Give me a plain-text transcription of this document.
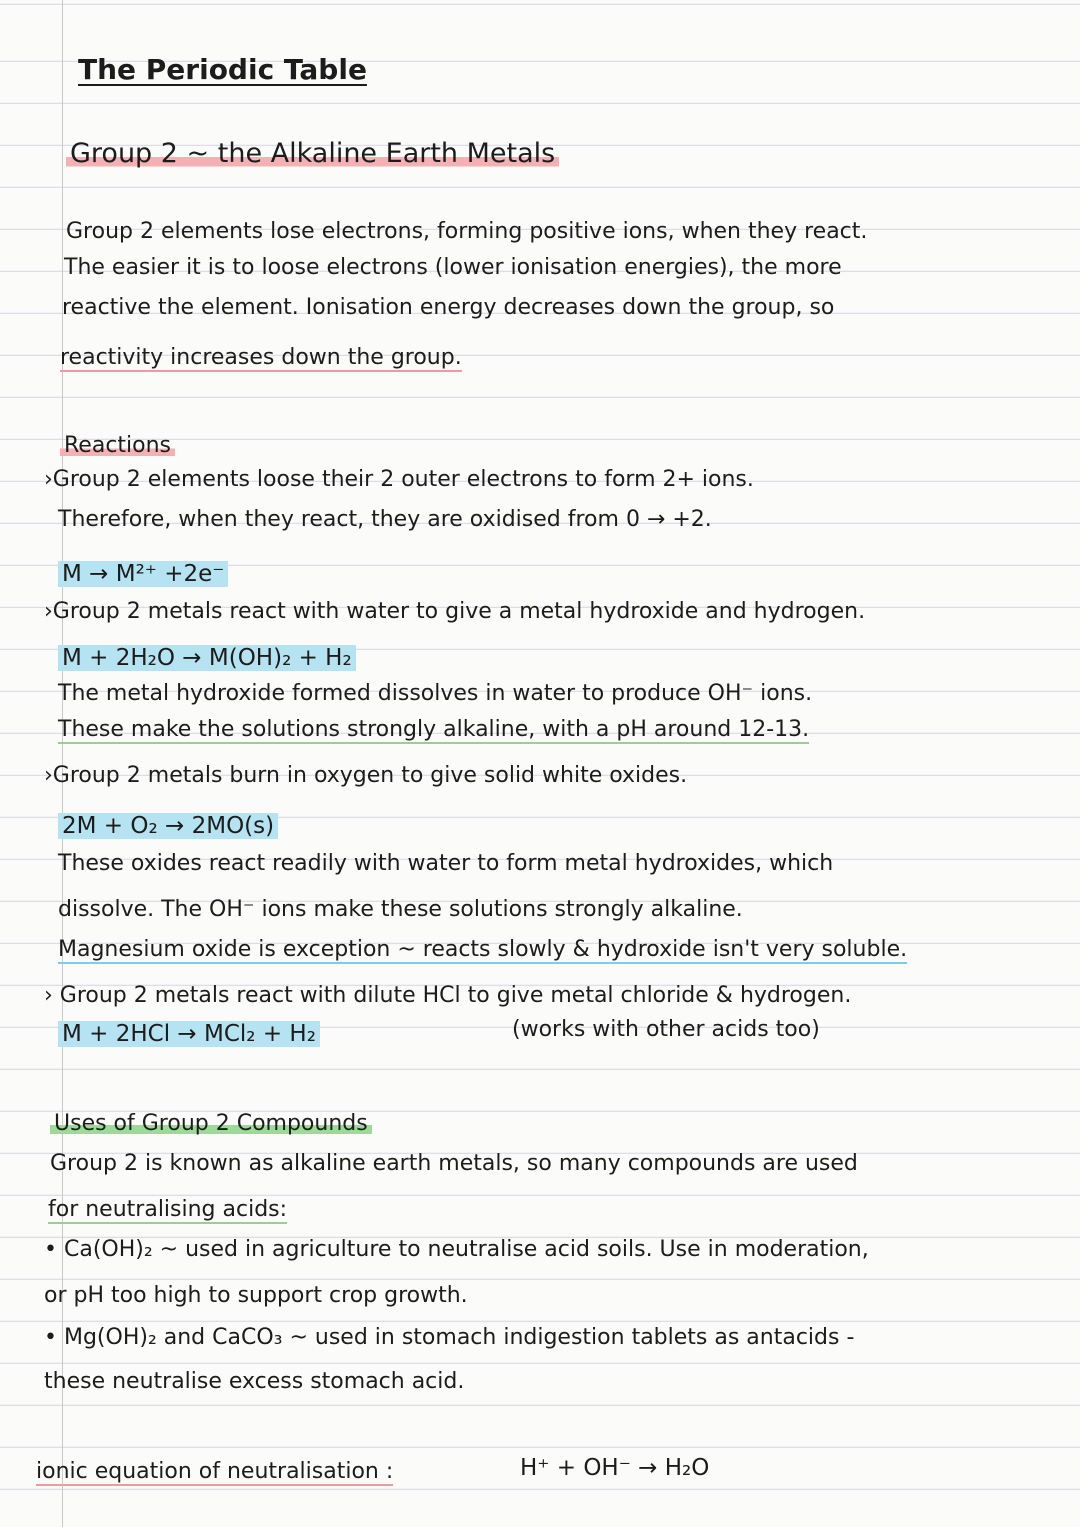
The Periodic Table
Group 2 ~ the Alkaline Earth Metals
Group 2 elements lose electrons, forming positive ions, when they react.
The easier it is to loose electrons (lower ionisation energies), the more
reactive the element. Ionisation energy decreases down the group, so
reactivity increases down the group.
Reactions
›Group 2 elements loose their 2 outer electrons to form 2+ ions.
Therefore, when they react, they are oxidised from 0 → +2.
M → M²⁺ +2e⁻
›Group 2 metals react with water to give a metal hydroxide and hydrogen.
M + 2H₂O → M(OH)₂ + H₂
The metal hydroxide formed dissolves in water to produce OH⁻ ions.
These make the solutions strongly alkaline, with a pH around 12-13.
›Group 2 metals burn in oxygen to give solid white oxides.
2M + O₂ → 2MO(s)
These oxides react readily with water to form metal hydroxides, which
dissolve. The OH⁻ ions make these solutions strongly alkaline.
Magnesium oxide is exception ~ reacts slowly & hydroxide isn't very soluble.
› Group 2 metals react with dilute HCl to give metal chloride & hydrogen.
M + 2HCl → MCl₂ + H₂	(works with other acids too)
Uses of Group 2 Compounds
Group 2 is known as alkaline earth metals, so many compounds are used
for neutralising acids:
• Ca(OH)₂ ~ used in agriculture to neutralise acid soils. Use in moderation,
or pH too high to support crop growth.
• Mg(OH)₂ and CaCO₃ ~ used in stomach indigestion tablets as antacids -
these neutralise excess stomach acid.
ionic equation of neutralisation :	H⁺ + OH⁻ → H₂O
